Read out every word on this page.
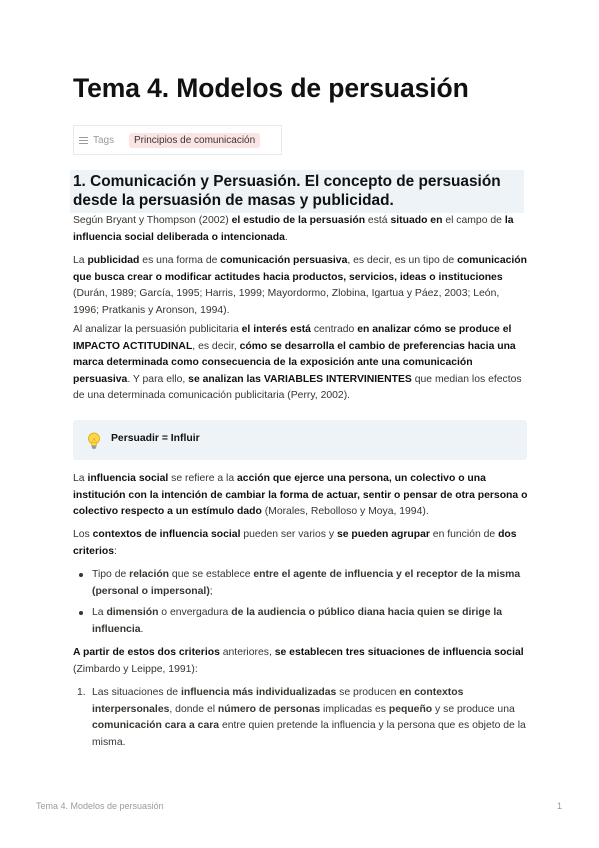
Tema 4. Modelos de persuasión
Tags	Principios de comunicación
1. Comunicación y Persuasión. El concepto de persuasión desde la persuasión de masas y publicidad.

Según Bryant y Thompson (2002) el estudio de la persuasión está situado en el campo de la influencia social deliberada o intencionada.

La publicidad es una forma de comunicación persuasiva, es decir, es un tipo de comunicación que busca crear o modificar actitudes hacia productos, servicios, ideas o instituciones (Durán, 1989; García, 1995; Harris, 1999; Mayordormo, Zlobina, Igartua y Páez, 2003; León, 1996; Pratkanis y Aronson, 1994).

Al analizar la persuasión publicitaria el interés está centrado en analizar cómo se produce el IMPACTO ACTITUDINAL, es decir, cómo se desarrolla el cambio de preferencias hacia una marca determinada como consecuencia de la exposición ante una comunicación persuasiva. Y para ello, se analizan las VARIABLES INTERVINIENTES que median los efectos de una determinada comunicación publicitaria (Perry, 2002).

Persuadir = Influir

La influencia social se refiere a la acción que ejerce una persona, un colectivo o una institución con la intención de cambiar la forma de actuar, sentir o pensar de otra persona o colectivo respecto a un estímulo dado (Morales, Rebolloso y Moya, 1994).

Los contextos de influencia social pueden ser varios y se pueden agrupar en función de dos criterios:

Tipo de relación que se establece entre el agente de influencia y el receptor de la misma (personal o impersonal);
La dimensión o envergadura de la audiencia o público diana hacia quien se dirige la influencia.

A partir de estos dos criterios anteriores, se establecen tres situaciones de influencia social (Zimbardo y Leippe, 1991):

1. Las situaciones de influencia más individualizadas se producen en contextos interpersonales, donde el número de personas implicadas es pequeño y se produce una comunicación cara a cara entre quien pretende la influencia y la persona que es objeto de la misma.
Tema 4. Modelos de persuasión	1
